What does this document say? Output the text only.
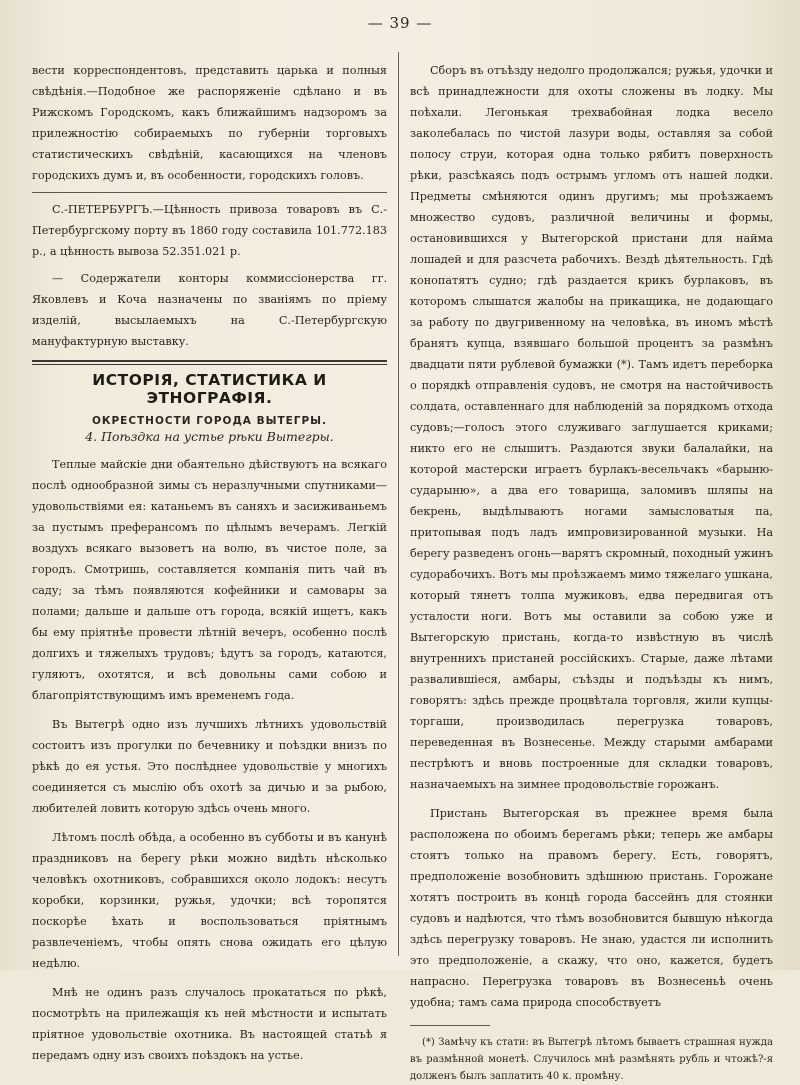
— 39 —

вести корреспондентовъ, представить царька и полныя свѣдѣнія.—Подобное же распоряженіе сдѣлано и въ Рижскомъ Городскомъ, какъ ближайшимъ надзоромъ за прилежностію собираемыхъ по губерніи торговыхъ статистическихъ свѣдѣній, касающихся на членовъ городскихъ думъ и, въ особенности, городскихъ головъ.

С.-ПЕТЕРБУРГЪ.—Цѣнность привоза товаровъ въ С.-Петербургскому порту въ 1860 году составила 101.772.183 р., а цѣнность вывоза 52.351.021 р.

— Содержатели конторы коммиссіонерства гг. Яковлевъ и Коча назначены по званіямъ по пріему изделій, высылаемыхъ на С.-Петербургскую мануфактурную выставку.

ИСТОРІЯ, СТАТИСТИКА И ЭТНОГРАФІЯ.
ОКРЕСТНОСТИ ГОРОДА ВЫТЕГРЫ.
4. Поѣздка на устье рѣки Вытегры.

Теплые майскіе дни обаятельно дѣйствуютъ на всякаго послѣ однообразной зимы съ неразлучными спутниками—удовольствіями ея: катаньемъ въ саняхъ и засиживаньемъ за пустымъ преферансомъ по цѣлымъ вечерамъ. Легкій воздухъ всякаго вызоветъ на волю, въ чистое поле, за городъ. Смотришь, составляется компанія пить чай въ саду; за тѣмъ появляются кофейники и самовары за полами; дальше и дальше отъ города, всякій ищетъ, какъ бы ему пріятнѣе провести лѣтній вечеръ, особенно послѣ долгихъ и тяжелыхъ трудовъ; ѣдутъ за городъ, катаются, гуляютъ, охотятся, и всѣ довольны сами собою и благопріятствующимъ имъ временемъ года.

Въ Вытегрѣ одно изъ лучшихъ лѣтнихъ удовольствій состоитъ изъ прогулки по бечевнику и поѣздки внизъ по рѣкѣ до ея устья. Это послѣднее удовольствіе у многихъ соединяется съ мыслію объ охотѣ за дичью и за рыбою, любителей ловить которую здѣсь очень много.

Лѣтомъ послѣ обѣда, а особенно въ субботы и въ канунѣ праздниковъ на берегу рѣки можно видѣть нѣсколько человѣкъ охотниковъ, собравшихся около лодокъ: несутъ коробки, корзинки, ружья, удочки; всѣ торопятся поскорѣе ѣхать и воспользоваться пріятнымъ развлеченіемъ, чтобы опять снова ожидать его цѣлую недѣлю.

Мнѣ не одинъ разъ случалось прокататься по рѣкѣ, посмотрѣть на прилежащія къ ней мѣстности и испытать пріятное удовольствіе охотника. Въ настоящей статьѣ я передамъ одну изъ своихъ поѣздокъ на устье.

Сборъ въ отъѣзду недолго продолжался; ружья, удочки и всѣ принадлежности для охоты сложены въ лодку. Мы поѣхали. Легонькая трехвабойная лодка весело заколебалась по чистой лазури воды, оставляя за собой полосу струи, которая одна только рябитъ поверхность рѣки, разсѣкаясь подъ острымъ угломъ отъ нашей лодки. Предметы смѣняются одинъ другимъ; мы проѣзжаемъ множество судовъ, различной величины и формы, остановившихся у Вытегорской пристани для найма лошадей и для разсчета рабочихъ. Вездѣ дѣятельность. Гдѣ конопатятъ судно; гдѣ раздается крикъ бурлаковъ, въ которомъ слышатся жалобы на прикащика, не додающаго за работу по двугривенному на человѣка, въ иномъ мѣстѣ бранятъ купца, взявшаго большой процентъ за размѣнъ двадцати пяти рублевой бумажки (*). Тамъ идетъ переборка о порядкѣ отправленія судовъ, не смотря на настойчивость солдата, оставленнаго для наблюденій за порядкомъ отхода судовъ;—голосъ этого служиваго заглушается криками; никто его не слышитъ. Раздаются звуки балалайки, на которой мастерски играетъ бурлакъ-весельчакъ «барыню-сударыню», а два его товарища, заломивъ шляпы на бекрень, выдѣлываютъ ногами замысловатыя па, притопывая подъ ладъ импровизированной музыки. На берегу разведенъ огонь—варятъ скромный, походный ужинъ судорабочихъ. Вотъ мы проѣзжаемъ мимо тяжелаго ушкана, который тянетъ толпа мужиковъ, едва передвигая отъ усталости ноги. Вотъ мы оставили за собою уже и Вытегорскую пристань, когда-то извѣстную въ числѣ внутреннихъ пристаней россійскихъ. Старые, даже лѣтами развалившіеся, амбары, съѣзды и подъѣзды къ нимъ, говорятъ: здѣсь прежде процвѣтала торговля, жили купцы-торгаши, производилась перегрузка товаровъ, переведенная въ Вознесенье. Между старыми амбарами пестрѣютъ и вновь построенные для складки товаровъ, назначаемыхъ на зимнее продовольствіе горожанъ.

Пристань Вытегорская въ прежнее время была расположена по обоимъ берегамъ рѣки; теперь же амбары стоятъ только на правомъ берегу. Есть, говорятъ, предположеніе возобновить здѣшнюю пристань. Горожане хотятъ построить въ концѣ города бассейнъ для стоянки судовъ и надѣются, что тѣмъ возобновится бывшую нѣкогда здѣсь перегрузку товаровъ. Не знаю, удастся ли исполнить это предположеніе, а скажу, что оно, кажется, будетъ напрасно. Перегрузка товаровъ въ Вознесеньѣ очень удобна; тамъ сама природа способствуетъ

(*) Замѣчу къ стати: въ Вытегрѣ лѣтомъ бываетъ страшная нужда въ размѣнной монетѣ. Случилось мнѣ размѣнять рубль и чтожѣ?-я долженъ былъ заплатить 40 к. промѣну.
